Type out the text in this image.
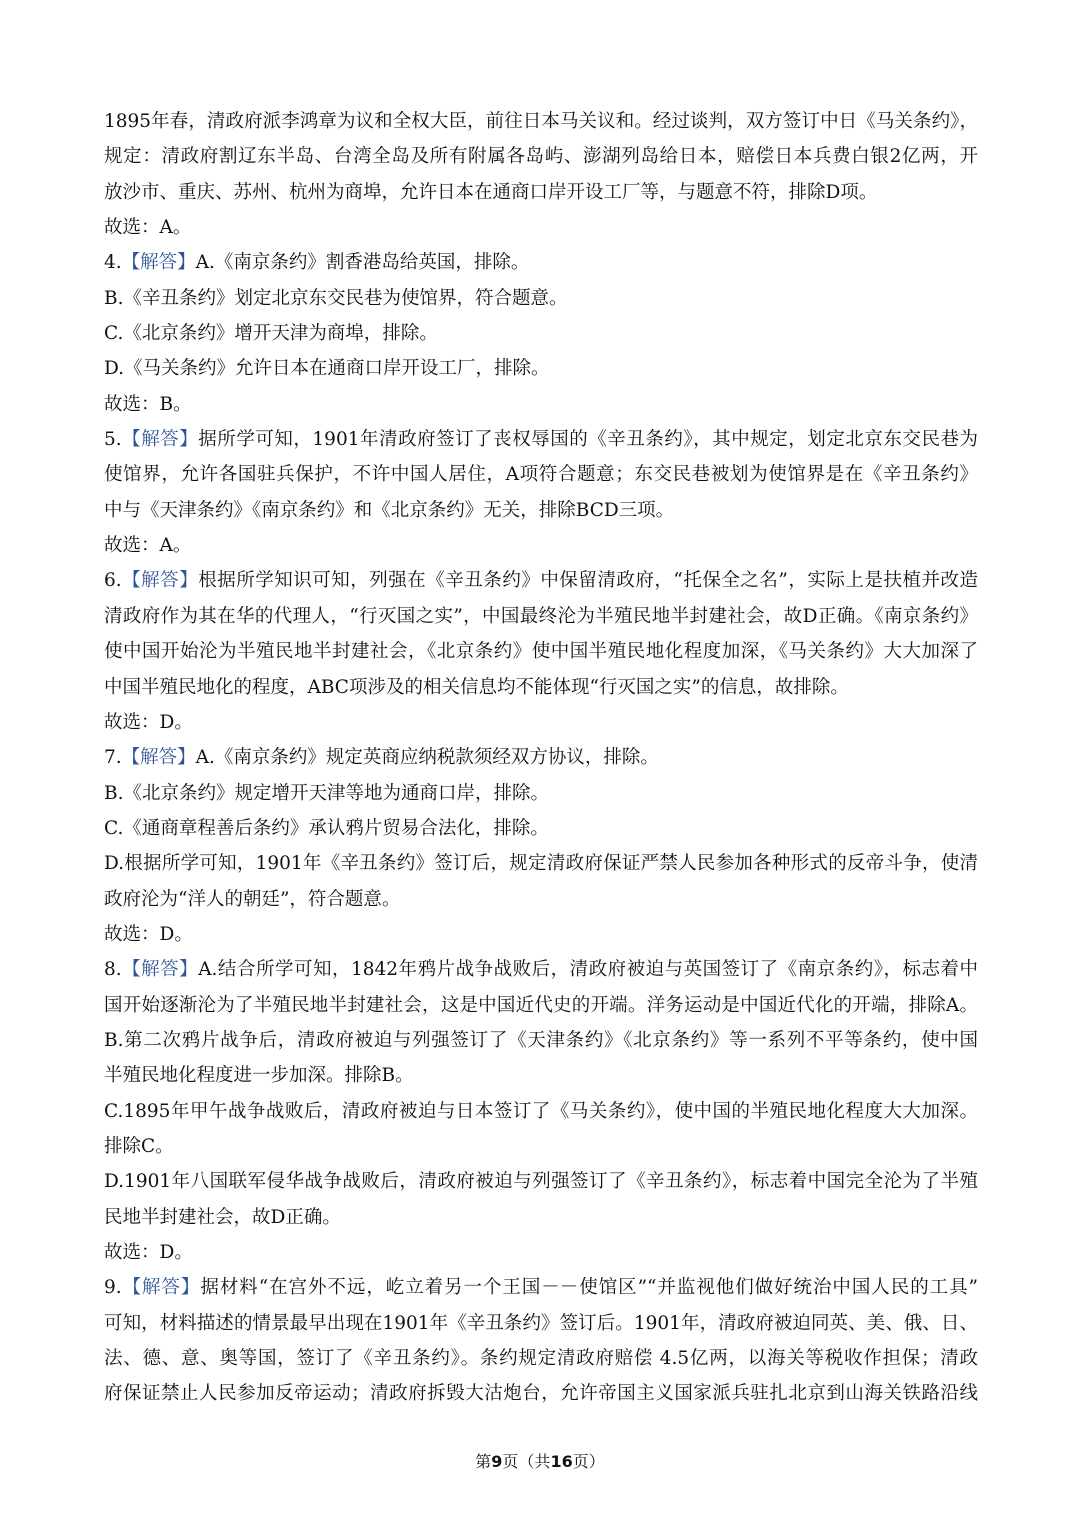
1895年春，清政府派李鸿章为议和全权大臣，前往日本马关议和。经过谈判，双方签订中日《马关条约》，
规定：清政府割辽东半岛、台湾全岛及所有附属各岛屿、澎湖列岛给日本，赔偿日本兵费白银2亿两，开
放沙市、重庆、苏州、杭州为商埠，允许日本在通商口岸开设工厂等，与题意不符，排除D项。
故选：A。
4.【解答】A.《南京条约》割香港岛给英国，排除。
B.《辛丑条约》划定北京东交民巷为使馆界，符合题意。
C.《北京条约》增开天津为商埠，排除。
D.《马关条约》允许日本在通商口岸开设工厂，排除。
故选：B。
5.【解答】据所学可知，1901年清政府签订了丧权辱国的《辛丑条约》，其中规定，划定北京东交民巷为
使馆界，允许各国驻兵保护，不许中国人居住，A项符合题意；东交民巷被划为使馆界是在《辛丑条约》
中与《天津条约》《南京条约》和《北京条约》无关，排除BCD三项。
故选：A。
6.【解答】根据所学知识可知，列强在《辛丑条约》中保留清政府，“托保全之名”，实际上是扶植并改造
清政府作为其在华的代理人，“行灭国之实”，中国最终沦为半殖民地半封建社会，故D正确。《南京条约》
使中国开始沦为半殖民地半封建社会，《北京条约》使中国半殖民地化程度加深，《马关条约》大大加深了
中国半殖民地化的程度，ABC项涉及的相关信息均不能体现“行灭国之实”的信息，故排除。
故选：D。
7.【解答】A.《南京条约》规定英商应纳税款须经双方协议，排除。
B.《北京条约》规定增开天津等地为通商口岸，排除。
C.《通商章程善后条约》承认鸦片贸易合法化，排除。
D.根据所学可知，1901年《辛丑条约》签订后，规定清政府保证严禁人民参加各种形式的反帝斗争，使清
政府沦为“洋人的朝廷”，符合题意。
故选：D。
8.【解答】A.结合所学可知，1842年鸦片战争战败后，清政府被迫与英国签订了《南京条约》，标志着中
国开始逐渐沦为了半殖民地半封建社会，这是中国近代史的开端。洋务运动是中国近代化的开端，排除A。
B.第二次鸦片战争后，清政府被迫与列强签订了《天津条约》《北京条约》等一系列不平等条约，使中国
半殖民地化程度进一步加深。排除B。
C.1895年甲午战争战败后，清政府被迫与日本签订了《马关条约》，使中国的半殖民地化程度大大加深。
排除C。
D.1901年八国联军侵华战争战败后，清政府被迫与列强签订了《辛丑条约》，标志着中国完全沦为了半殖
民地半封建社会，故D正确。
故选：D。
9.【解答】据材料“在宫外不远，屹立着另一个王国－－使馆区”“并监视他们做好统治中国人民的工具”
可知，材料描述的情景最早出现在1901年《辛丑条约》签订后。1901年，清政府被迫同英、美、俄、日、
法、德、意、奥等国，签订了《辛丑条约》。条约规定清政府赔偿 4.5亿两，以海关等税收作担保；清政
府保证禁止人民参加反帝运动；清政府拆毁大沽炮台，允许帝国主义国家派兵驻扎北京到山海关铁路沿线
第9页（共16页）
